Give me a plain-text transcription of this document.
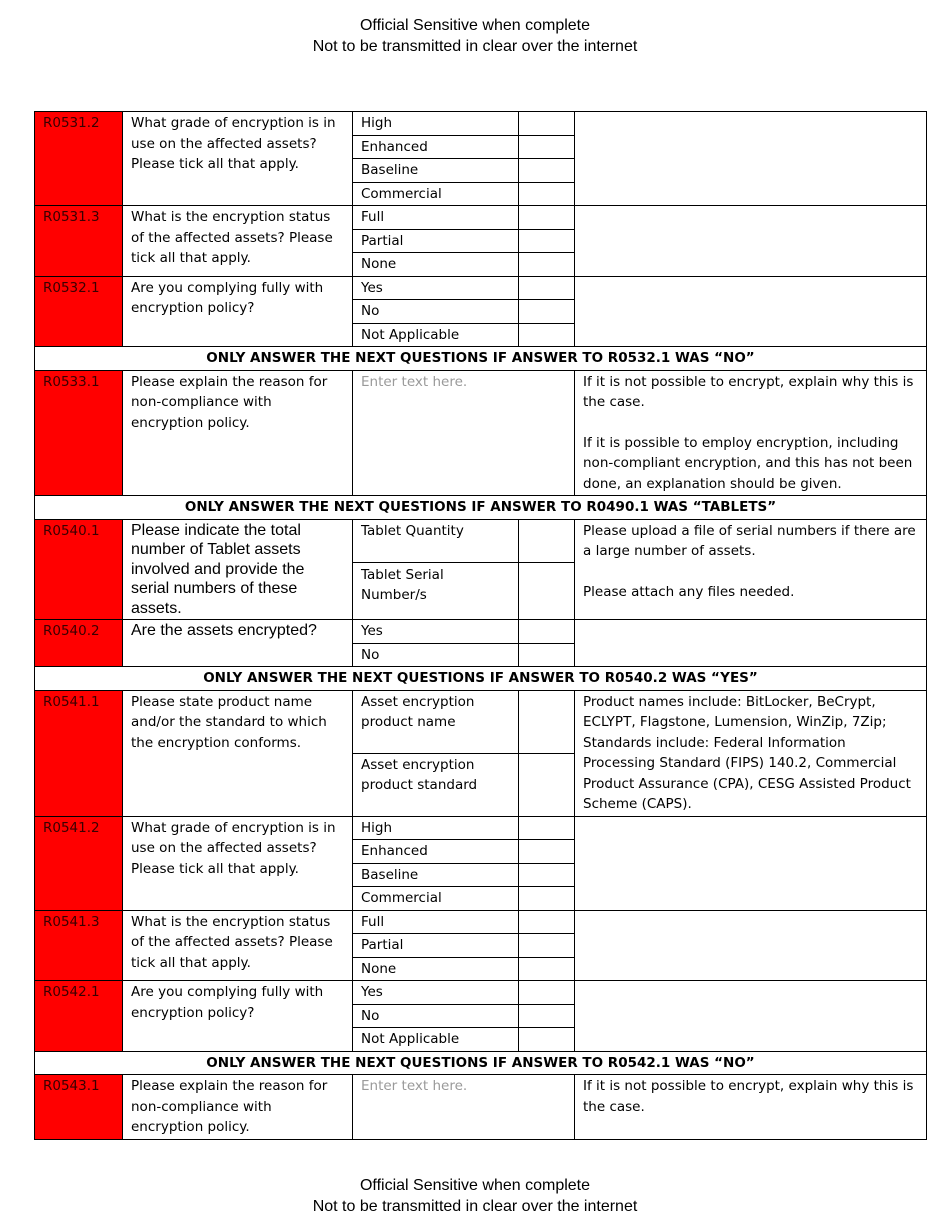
Official Sensitive when complete
Not to be transmitted in clear over the internet
R0531.2	What grade of encryption is in use on the affected assets? Please tick all that apply.	High		
		Enhanced		
		Baseline		
		Commercial		
R0531.3	What is the encryption status of the affected assets? Please tick all that apply.	Full		
		Partial		
		None		
R0532.1	Are you complying fully with encryption policy?	Yes		
		No		
		Not Applicable		
ONLY ANSWER THE NEXT QUESTIONS IF ANSWER TO R0532.1 WAS “NO”				
R0533.1	Please explain the reason for non-compliance with encryption policy.	Enter text here.		If it is not possible to encrypt, explain why this is the case.
If it is possible to employ encryption, including non-compliant encryption, and this has not been done, an explanation should be given.

ONLY ANSWER THE NEXT QUESTIONS IF ANSWER TO R0490.1 WAS “TABLETS”				
R0540.1	Please indicate the total number of Tablet assets involved and provide the serial numbers of these assets.	Tablet Quantity		Please upload a file of serial numbers if there are a large number of assets.
Please attach any files needed.

		Tablet Serial Number/s		
R0540.2	Are the assets encrypted?	Yes		
		No		
ONLY ANSWER THE NEXT QUESTIONS IF ANSWER TO R0540.2 WAS “YES”				
R0541.1	Please state product name and/or the standard to which the encryption conforms.	Asset encryption product name		Product names include: BitLocker, BeCrypt, ECLYPT, Flagstone, Lumension, WinZip, 7Zip; Standards include: Federal Information Processing Standard (FIPS) 140.2, Commercial Product Assurance (CPA), CESG Assisted Product Scheme (CAPS).
		Asset encryption product standard		
R0541.2	What grade of encryption is in use on the affected assets? Please tick all that apply.	High		
		Enhanced		
		Baseline		
		Commercial		
R0541.3	What is the encryption status of the affected assets? Please tick all that apply.	Full		
		Partial		
		None		
R0542.1	Are you complying fully with encryption policy?	Yes		
		No		
		Not Applicable		
ONLY ANSWER THE NEXT QUESTIONS IF ANSWER TO R0542.1 WAS “NO”				
R0543.1	Please explain the reason for non-compliance with encryption policy.	Enter text here.		If it is not possible to encrypt, explain why this is the case.
Official Sensitive when complete
Not to be transmitted in clear over the internet
